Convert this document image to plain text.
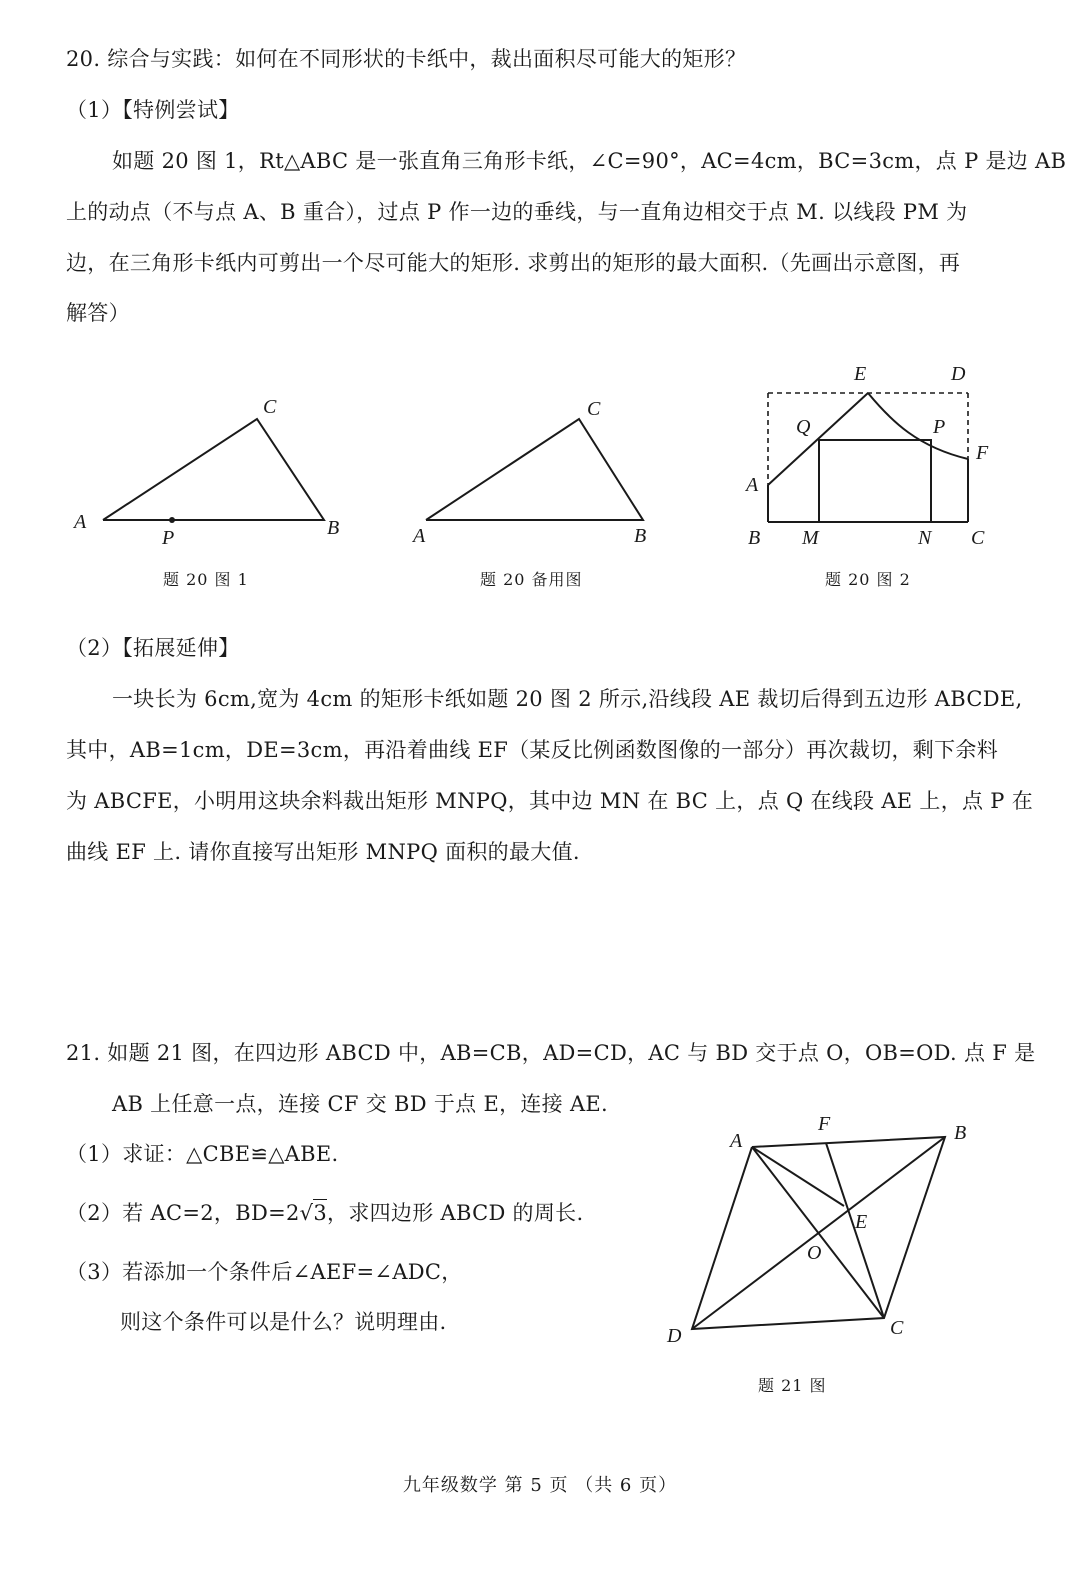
20. 综合与实践：如何在不同形状的卡纸中，裁出面积尽可能大的矩形？

（1）【特例尝试】

如题 20 图 1，Rt△ABC 是一张直角三角形卡纸，∠C=90°，AC=4cm，BC=3cm，点 P 是边 AB

上的动点（不与点 A、B 重合），过点 P 作一边的垂线，与一直角边相交于点 M. 以线段 PM 为

边，在三角形卡纸内可剪出一个尽可能大的矩形. 求剪出的矩形的最大面积.（先画出示意图，再

解答）

A	B
C
P
题 20 图 1
A	B
C
题 20 备用图
E	D
Q	P
F
A
B M	N C
题 20 图 2

（2）【拓展延伸】

一块长为 6cm,宽为 4cm 的矩形卡纸如题 20 图 2 所示,沿线段 AE 裁切后得到五边形 ABCDE,

其中，AB=1cm，DE=3cm，再沿着曲线 EF（某反比例函数图像的一部分）再次裁切，剩下余料

为 ABCFE，小明用这块余料裁出矩形 MNPQ，其中边 MN 在 BC 上，点 Q 在线段 AE 上，点 P 在

曲线 EF 上. 请你直接写出矩形 MNPQ 面积的最大值.

21. 如题 21 图，在四边形 ABCD 中，AB=CB，AD=CD，AC 与 BD 交于点 O，OB=OD. 点 F 是

AB 上任意一点，连接 CF 交 BD 于点 E，连接 AE.

（1）求证：△CBE≌△ABE.

（2）若 AC=2，BD=2√3，求四边形 ABCD 的周长.

（3）若添加一个条件后∠AEF=∠ADC，

则这个条件可以是什么？说明理由.

A	B
C
D
E
F
O
题 21 图
九年级数学 第 5 页 （共 6 页）
